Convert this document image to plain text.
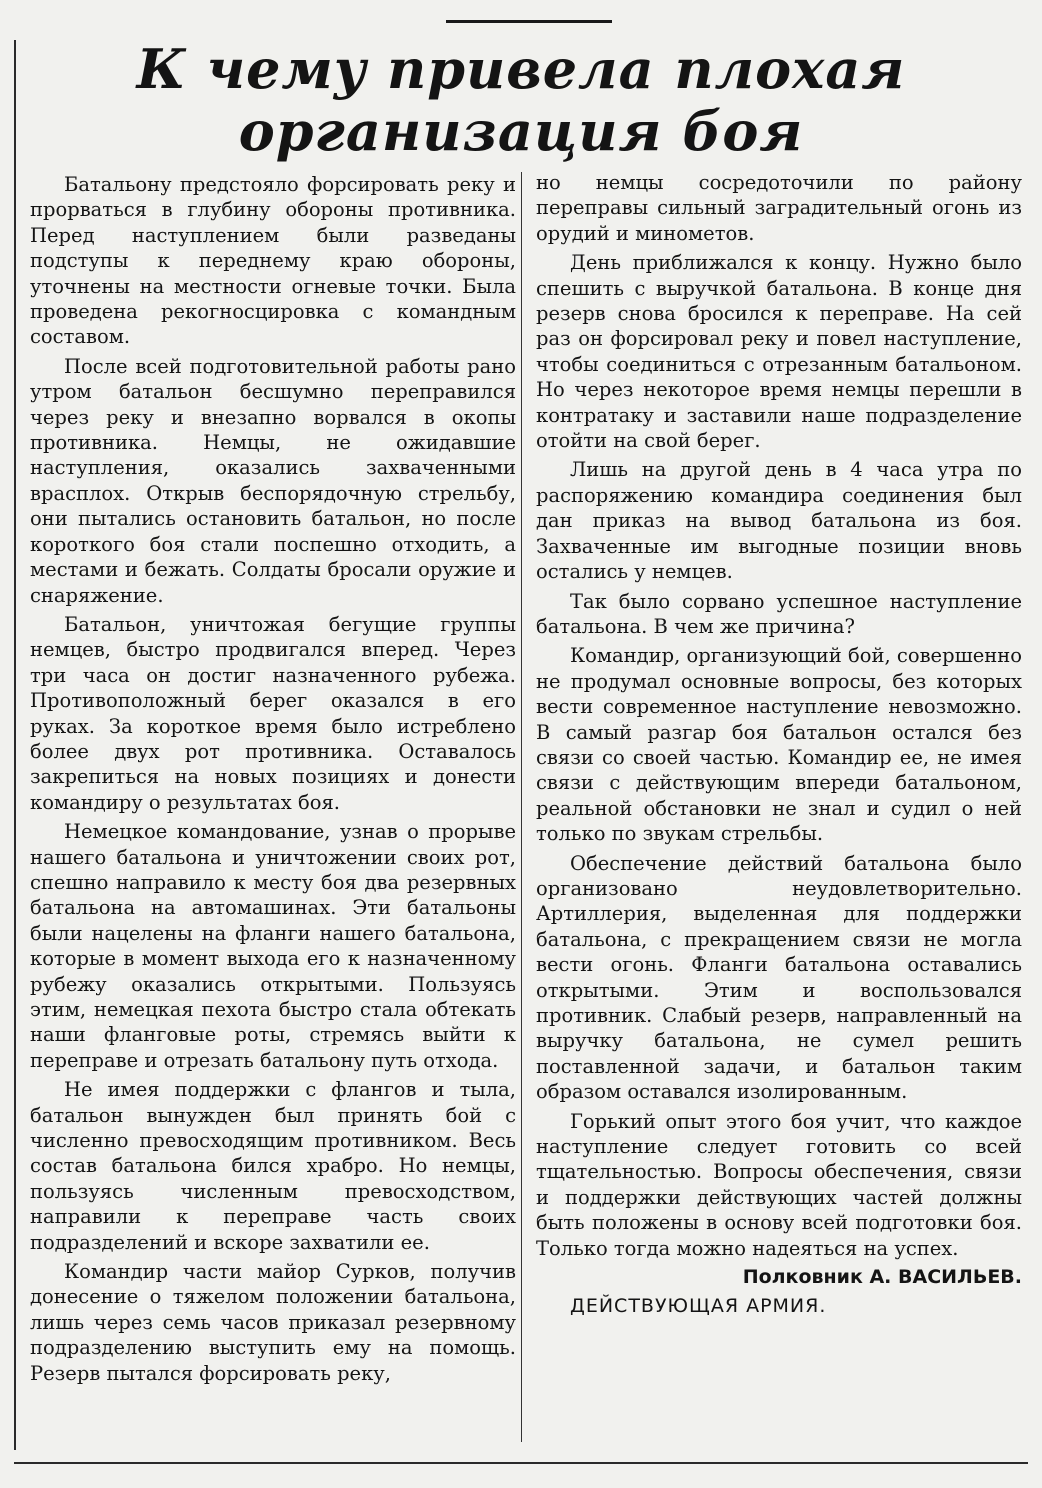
К чему привела плохая
организация боя

Батальону предстояло форсировать реку и прорваться в глубину обороны противника. Перед наступлением были разведаны подступы к переднему краю обороны, уточнены на местности огневые точки. Была проведена рекогносцировка с командным составом.

После всей подготовительной работы рано утром батальон бесшумно переправился через реку и внезапно ворвался в окопы противника. Немцы, не ожидавшие наступления, оказались захваченными врасплох. Открыв беспорядочную стрельбу, они пытались остановить батальон, но после короткого боя стали поспешно отходить, а местами и бежать. Солдаты бросали оружие и снаряжение.

Батальон, уничтожая бегущие группы немцев, быстро продвигался вперед. Через три часа он достиг назначенного рубежа. Противоположный берег оказался в его руках. За короткое время было истреблено более двух рот противника. Оставалось закрепиться на новых позициях и донести командиру о результатах боя.

Немецкое командование, узнав о прорыве нашего батальона и уничтожении своих рот, спешно направило к месту боя два резервных батальона на автомашинах. Эти батальоны были нацелены на фланги нашего батальона, которые в момент выхода его к назначенному рубежу оказались открытыми. Пользуясь этим, немецкая пехота быстро стала обтекать наши фланговые роты, стремясь выйти к переправе и отрезать батальону путь отхода.

Не имея поддержки с флангов и тыла, батальон вынужден был принять бой с численно превосходящим противником. Весь состав батальона бился храбро. Но немцы, пользуясь численным превосходством, направили к переправе часть своих подразделений и вскоре захватили ее.

Командир части майор Сурков, получив донесение о тяжелом положении батальона, лишь через семь часов приказал резервному подразделению выступить ему на помощь. Резерв пытался форсировать реку,

но немцы сосредоточили по району переправы сильный заградительный огонь из орудий и минометов.

День приближался к концу. Нужно было спешить с выручкой батальона. В конце дня резерв снова бросился к переправе. На сей раз он форсировал реку и повел наступление, чтобы соединиться с отрезанным батальоном. Но через некоторое время немцы перешли в контратаку и заставили наше подразделение отойти на свой берег.

Лишь на другой день в 4 часа утра по распоряжению командира соединения был дан приказ на вывод батальона из боя. Захваченные им выгодные позиции вновь остались у немцев.

Так было сорвано успешное наступление батальона. В чем же причина?

Командир, организующий бой, совершенно не продумал основные вопросы, без которых вести современное наступление невозможно. В самый разгар боя батальон остался без связи со своей частью. Командир ее, не имея связи с действующим впереди батальоном, реальной обстановки не знал и судил о ней только по звукам стрельбы.

Обеспечение действий батальона было организовано неудовлетворительно. Артиллерия, выделенная для поддержки батальона, с прекращением связи не могла вести огонь. Фланги батальона оставались открытыми. Этим и воспользовался противник. Слабый резерв, направленный на выручку батальона, не сумел решить поставленной задачи, и батальон таким образом оставался изолированным.

Горький опыт этого боя учит, что каждое наступление следует готовить со всей тщательностью. Вопросы обеспечения, связи и поддержки действующих частей должны быть положены в основу всей подготовки боя. Только тогда можно надеяться на успех.

Полковник А. ВАСИЛЬЕВ.

ДЕЙСТВУЮЩАЯ АРМИЯ.
